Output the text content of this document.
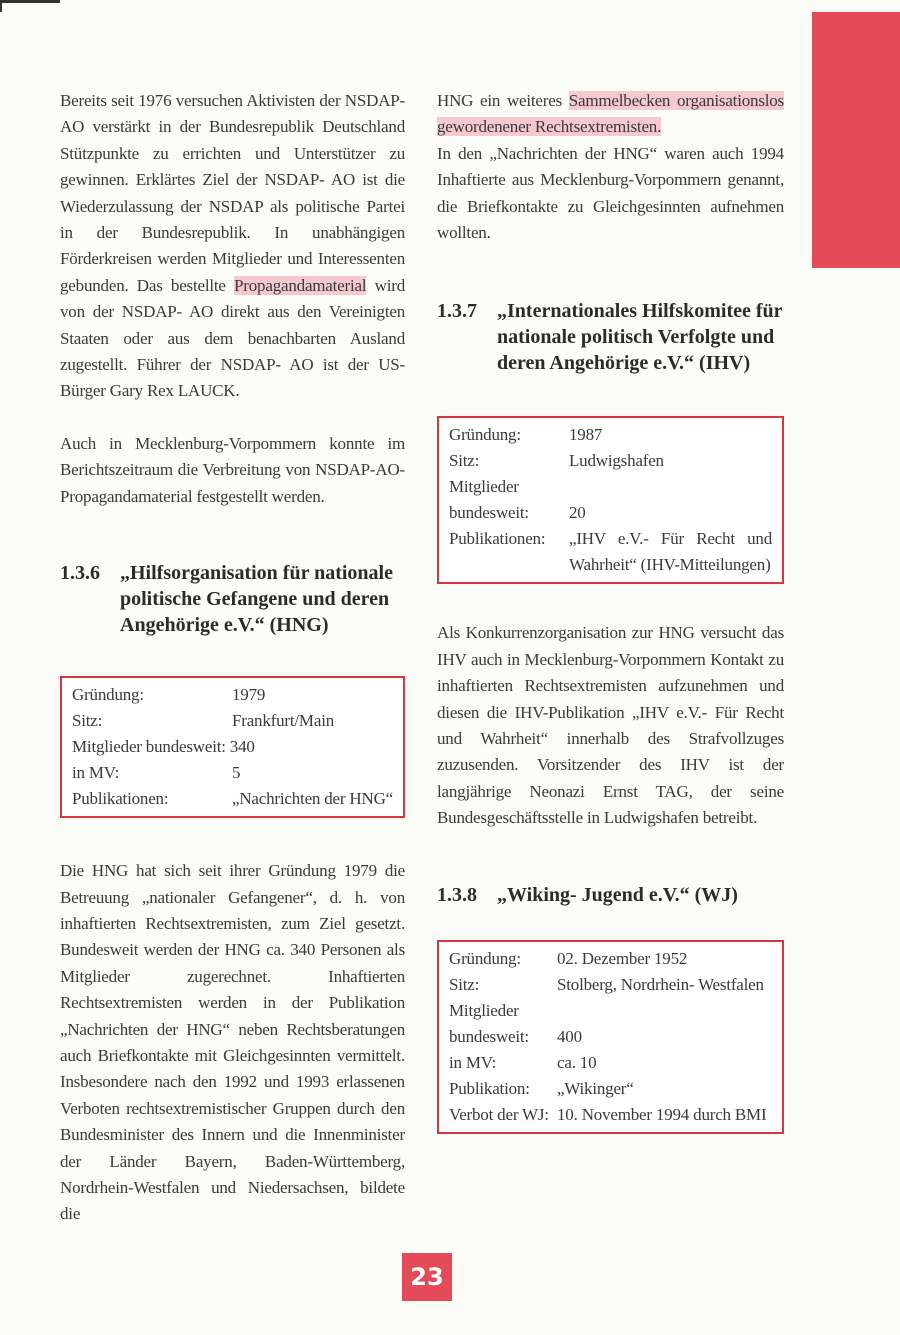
Bereits seit 1976 versuchen Aktivisten der NSDAP-AO verstärkt in der Bundesrepublik Deutschland Stützpunkte zu errichten und Unterstützer zu gewinnen. Erklärtes Ziel der NSDAP- AO ist die Wiederzulassung der NSDAP als politische Partei in der Bundesrepublik. In unabhängigen Förderkreisen werden Mitglieder und Interessenten gebunden. Das bestellte Propagandamaterial wird von der NSDAP- AO direkt aus den Vereinigten Staaten oder aus dem benachbarten Ausland zugestellt. Führer der NSDAP- AO ist der US- Bürger Gary Rex LAUCK.

Auch in Mecklenburg-Vorpommern konnte im Berichtszeitraum die Verbreitung von NSDAP-AO-Propagandamaterial festgestellt werden.

1.3.6 „Hilfsorganisation für nationale politische Gefangene und deren Angehörige e.V.“ (HNG)
Gründung:	1979
Sitz:	Frankfurt/Main
Mitglieder bundesweit: 340
in MV:	5
Publikationen:	„Nachrichten der HNG“

Die HNG hat sich seit ihrer Gründung 1979 die Betreuung „nationaler Gefangener“, d. h. von inhaftierten Rechtsextremisten, zum Ziel gesetzt. Bundesweit werden der HNG ca. 340 Personen als Mitglieder zugerechnet. Inhaftierten Rechtsextremisten werden in der Publikation „Nachrichten der HNG“ neben Rechtsberatungen auch Briefkontakte mit Gleichgesinnten vermittelt. Insbesondere nach den 1992 und 1993 erlassenen Verboten rechtsextremistischer Gruppen durch den Bundesminister des Innern und die Innenminister der Länder Bayern, Baden-Württemberg, Nordrhein-Westfalen und Niedersachsen, bildete die

HNG ein weiteres Sammelbecken organisationslos gewordenener Rechtsextremisten.

In den „Nachrichten der HNG“ waren auch 1994 Inhaftierte aus Mecklenburg-Vorpommern genannt, die Briefkontakte zu Gleichgesinnten aufnehmen wollten.

1.3.7 „Internationales Hilfskomitee für nationale politisch Verfolgte und deren Angehörige e.V.“ (IHV)
Gründung:	1987
Sitz:	Ludwigshafen
Mitglieder
bundesweit:	20
Publikationen:	„IHV e.V.- Für Recht und Wahrheit“ (IHV-Mitteilungen)

Als Konkurrenzorganisation zur HNG versucht das IHV auch in Mecklenburg-Vorpommern Kontakt zu inhaftierten Rechtsextremisten aufzunehmen und diesen die IHV-Publikation „IHV e.V.- Für Recht und Wahrheit“ innerhalb des Strafvollzuges zuzusenden. Vorsitzender des IHV ist der langjährige Neonazi Ernst TAG, der seine Bundesgeschäftsstelle in Ludwigshafen betreibt.

1.3.8 „Wiking- Jugend e.V.“ (WJ)
Gründung:	02. Dezember 1952
Sitz:	Stolberg, Nordrhein- Westfalen
Mitglieder
bundesweit:	400
in MV:	ca. 10
Publikation:	„Wikinger“
Verbot der WJ: 10. November 1994 durch BMI
23
